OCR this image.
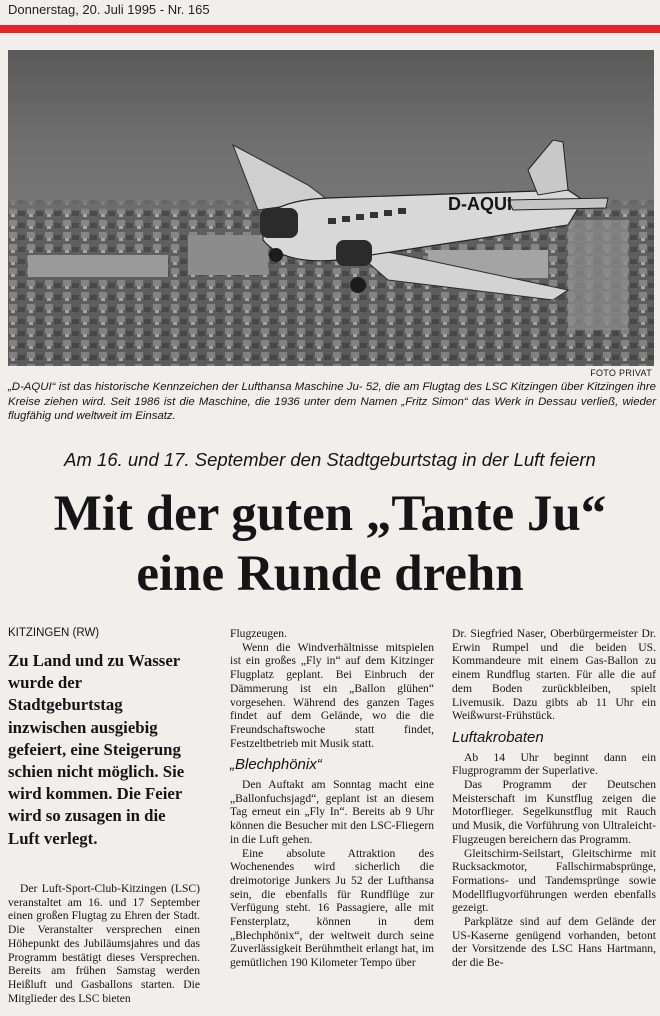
Donnerstag, 20. Juli 1995 - Nr. 165
D-AQUI
FOTO PRIVAT
„D-AQUI“ ist das historische Kennzeichen der Lufthansa Maschine Ju- 52, die am Flugtag des LSC Kitzingen über Kitzingen ihre Kreise ziehen wird. Seit 1986 ist die Maschine, die 1936 unter dem Namen „Fritz Simon“ das Werk in Dessau verließ, wieder flugfähig und weltweit im Einsatz.
Am 16. und 17. September den Stadtgeburtstag in der Luft feiern
Mit der guten „Tante Ju“
eine Runde drehn
KITZINGEN (RW)
Zu Land und zu Wasser wurde der Stadtgeburtstag inzwischen ausgiebig gefeiert, eine Steigerung schien nicht möglich. Sie wird kommen. Die Feier wird so zusagen in die Luft verlegt.

Der Luft-Sport-Club-Kitzingen (LSC) veranstaltet am 16. und 17 September einen großen Flugtag zu Ehren der Stadt. Die Veranstalter versprechen einen Höhepunkt des Jubiläumsjahres und das Programm bestätigt dieses Versprechen. Bereits am frühen Samstag werden Heißluft und Gasballons starten. Die Mitglieder des LSC bieten

Flugzeugen.

Wenn die Windverhältnisse mitspielen ist ein großes „Fly in“ auf dem Kitzinger Flugplatz geplant. Bei Einbruch der Dämmerung ist ein „Ballon glühen“ vorgesehen. Während des ganzen Tages findet auf dem Gelände, wo die die Freundschaftswoche statt findet, Festzeltbetrieb mit Musik statt.

„Blechphönix“

Den Auftakt am Sonntag macht eine „Ballonfuchsjagd“, geplant ist an diesem Tag erneut ein „Fly In“. Bereits ab 9 Uhr können die Besucher mit den LSC-Fliegern in die Luft gehen.

Eine absolute Attraktion des Wochenendes wird sicherlich die dreimotorige Junkers Ju 52 der Lufthansa sein, die ebenfalls für Rundflüge zur Verfügung steht. 16 Passagiere, alle mit Fensterplatz, können in dem „Blechphönix“, der weltweit durch seine Zuverlässigkeit Berühmtheit erlangt hat, im gemütlichen 190 Kilometer Tempo über

Dr. Siegfried Naser, Oberbürgermeister Dr. Erwin Rumpel und die beiden US. Kommandeure mit einem Gas-Ballon zu einem Rundflug starten. Für alle die auf dem Boden zurückbleiben, spielt Livemusik. Dazu gibts ab 11 Uhr ein Weißwurst-Frühstück.

Luftakrobaten

Ab 14 Uhr beginnt dann ein Flugprogramm der Superlative.

Das Programm der Deutschen Meisterschaft im Kunstflug zeigen die Motorflieger. Segelkunstflug mit Rauch und Musik, die Vorführung von Ultraleicht-Flugzeugen bereichern das Programm.

Gleitschirm-Seilstart, Gleitschirme mit Rucksackmotor, Fallschirmabsprünge, Formations- und Tandemsprünge sowie Modellflugvorführungen werden ebenfalls gezeigt.

Parkplätze sind auf dem Gelände der US-Kaserne genügend vorhanden, betont der Vorsitzende des LSC Hans Hartmann, der die Be-
